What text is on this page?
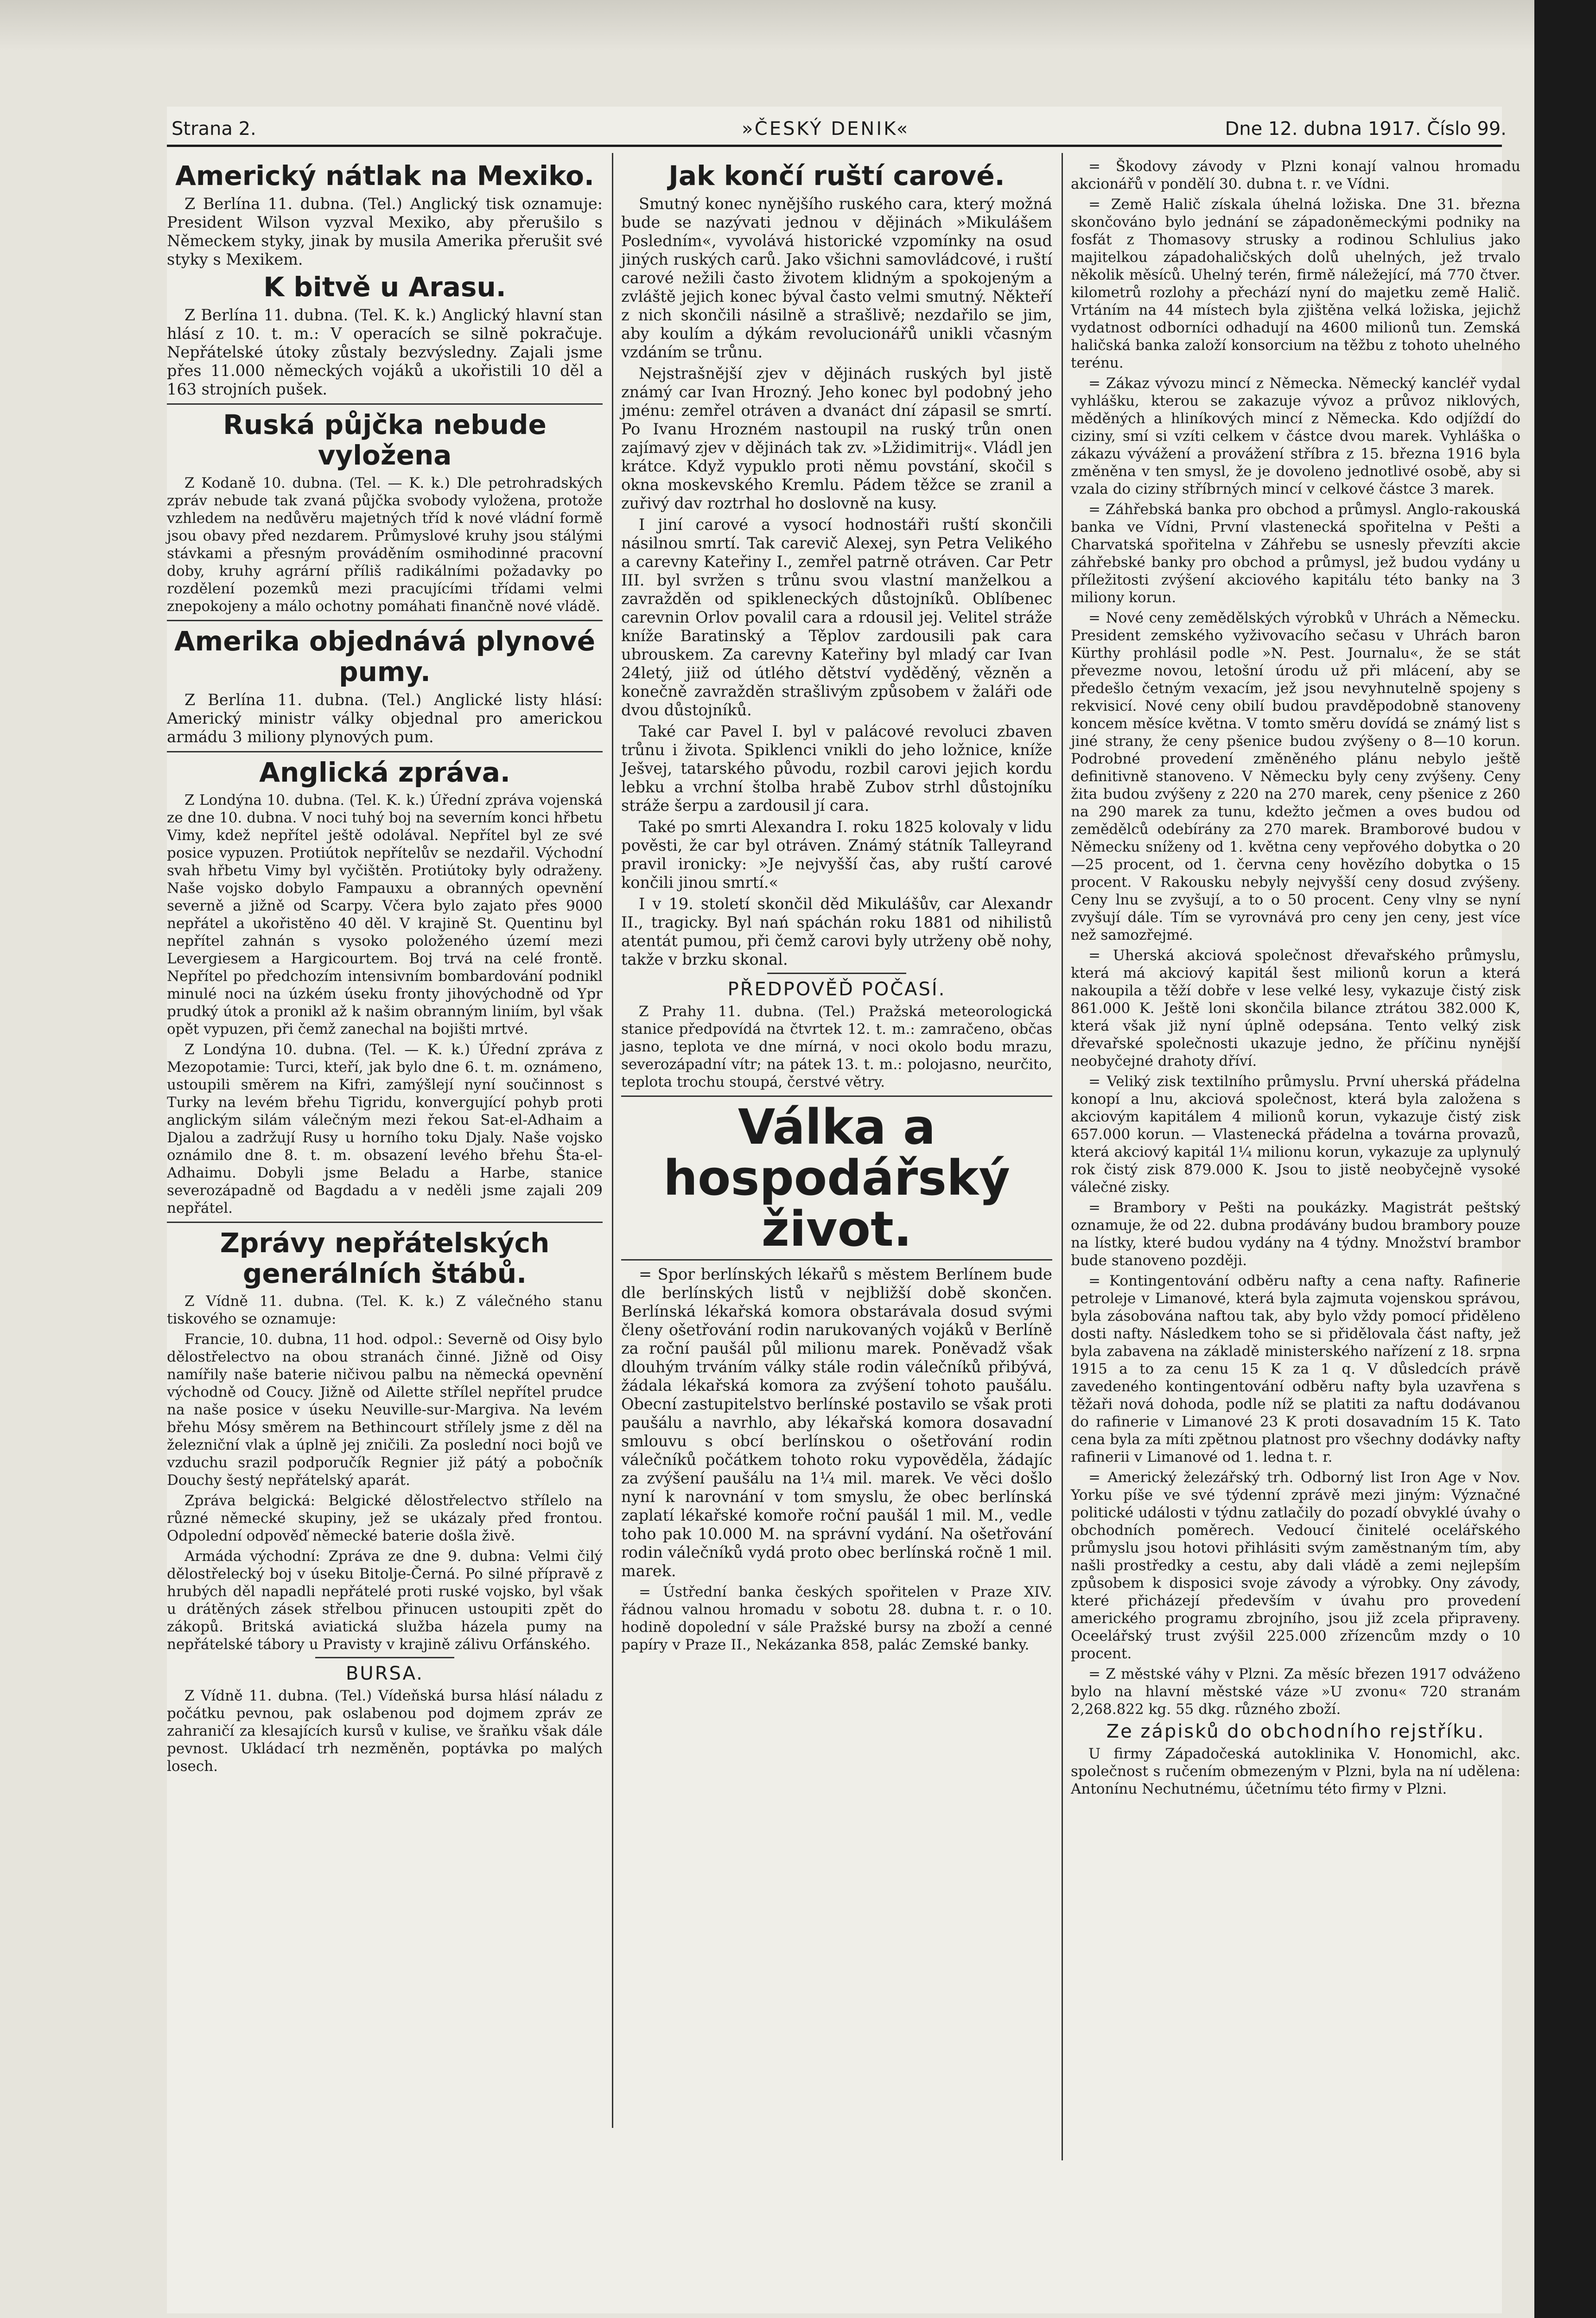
Strana 2.	»ČESKÝ DENIK«	Dne 12. dubna 1917. Číslo 99.
Americký nátlak na Mexiko.

Z Berlína 11. dubna. (Tel.) Anglický tisk oznamuje: President Wilson vyzval Mexiko, aby přerušilo s Německem styky, jinak by musila Amerika přerušit své styky s Mexikem.

K bitvě u Arasu.

Z Berlína 11. dubna. (Tel. K. k.) Anglický hlavní stan hlásí z 10. t. m.: V operacích se silně pokračuje. Nepřátelské útoky zůstaly bezvýsledny. Zajali jsme přes 11.000 německých vojáků a ukořistili 10 děl a 163 strojních pušek.

Ruská půjčka nebude vyložena

Z Kodaně 10. dubna. (Tel. — K. k.) Dle petrohradských zpráv nebude tak zvaná půjčka svobody vyložena, protože vzhledem na nedůvěru majetných tříd k nové vládní formě jsou obavy před nezdarem. Průmyslové kruhy jsou stálými stávkami a přesným prováděním osmihodinné pracovní doby, kruhy agrární příliš radikálními požadavky po rozdělení pozemků mezi pracujícími třídami velmi znepokojeny a málo ochotny pomáhati finančně nové vládě.

Amerika objednává plynové pumy.

Z Berlína 11. dubna. (Tel.) Anglické listy hlásí: Americký ministr války objednal pro americkou armádu 3 miliony plynových pum.

Anglická zpráva.

Z Londýna 10. dubna. (Tel. K. k.) Úřední zpráva vojenská ze dne 10. dubna. V noci tuhý boj na severním konci hřbetu Vimy, kdež nepřítel ještě odolával. Nepřítel byl ze své posice vypuzen. Protiútok nepřítelův se nezdařil. Východní svah hřbetu Vimy byl vyčištěn. Protiútoky byly odraženy. Naše vojsko dobylo Fampauxu a obranných opevnění severně a jižně od Scarpy. Včera bylo zajato přes 9000 nepřátel a ukořistěno 40 děl. V krajině St. Quentinu byl nepřítel zahnán s vysoko položeného území mezi Levergiesem a Hargicourtem. Boj trvá na celé frontě. Nepřítel po předchozím intensivním bombardování podnikl minulé noci na úzkém úseku fronty jihovýchodně od Ypr prudký útok a pronikl až k našim obranným liniím, byl však opět vypuzen, při čemž zanechal na bojišti mrtvé.

Z Londýna 10. dubna. (Tel. — K. k.) Úřední zpráva z Mezopotamie: Turci, kteří, jak bylo dne 6. t. m. oznámeno, ustoupili směrem na Kifri, zamýšlejí nyní součinnost s Turky na levém břehu Tigridu, konvergující pohyb proti anglickým silám válečným mezi řekou Sat-el-Adhaim a Djalou a zadržují Rusy u horního toku Djaly. Naše vojsko oznámilo dne 8. t. m. obsazení levého břehu Šta-el-Adhaimu. Dobyli jsme Beladu a Harbe, stanice severozápadně od Bagdadu a v neděli jsme zajali 209 nepřátel.

Zprávy nepřátelských generálních štábů.

Z Vídně 11. dubna. (Tel. K. k.) Z válečného stanu tiskového se oznamuje:

Francie, 10. dubna, 11 hod. odpol.: Severně od Oisy bylo dělostřelectvo na obou stranách činné. Jižně od Oisy namířily naše baterie ničivou palbu na německá opevnění východně od Coucy. Jižně od Ailette střílel nepřítel prudce na naše posice v úseku Neuville-sur-Margiva. Na levém břehu Mósy směrem na Bethincourt střílely jsme z děl na železniční vlak a úplně jej zničili. Za poslední noci bojů ve vzduchu srazil podporučík Regnier již pátý a pobočník Douchy šestý nepřátelský aparát.

Zpráva belgická: Belgické dělostřelectvo střílelo na různé německé skupiny, jež se ukázaly před frontou. Odpolední odpověď německé baterie došla živě.

Armáda východní: Zpráva ze dne 9. dubna: Velmi čilý dělostřelecký boj v úseku Bitolje-Černá. Po silné přípravě z hrubých děl napadli nepřátelé proti ruské vojsko, byl však u drátěných zásek střelbou přinucen ustoupiti zpět do zákopů. Britská aviatická služba házela pumy na nepřátelské tábory u Pravisty v krajině zálivu Orfánského.

BURSA.

Z Vídně 11. dubna. (Tel.) Vídeňská bursa hlásí náladu z počátku pevnou, pak oslabenou pod dojmem zpráv ze zahraničí za klesajících kursů v kulise, ve šraňku však dále pevnost. Ukládací trh nezměněn, poptávka po malých losech.

Jak končí ruští carové.

Smutný konec nynějšího ruského cara, který možná bude se nazývati jednou v dějinách »Mikulášem Posledním«, vyvolává historické vzpomínky na osud jiných ruských carů. Jako všichni samovládcové, i ruští carové nežili často životem klidným a spokojeným a zvláště jejich konec býval často velmi smutný. Někteří z nich skončili násilně a strašlivě; nezdařilo se jim, aby koulím a dýkám revolucionářů unikli včasným vzdáním se trůnu.

Nejstrašnější zjev v dějinách ruských byl jistě známý car Ivan Hrozný. Jeho konec byl podobný jeho jménu: zemřel otráven a dvanáct dní zápasil se smrtí. Po Ivanu Hrozném nastoupil na ruský trůn onen zajímavý zjev v dějinách tak zv. »Lžidimitrij«. Vládl jen krátce. Když vypuklo proti němu povstání, skočil s okna moskevského Kremlu. Pádem těžce se zranil a zuřivý dav roztrhal ho doslovně na kusy.

I jiní carové a vysocí hodnostáři ruští skončili násilnou smrtí. Tak carevič Alexej, syn Petra Velikého a carevny Kateřiny I., zemřel patrně otráven. Car Petr III. byl svržen s trůnu svou vlastní manželkou a zavražděn od spikleneckých důstojníků. Oblíbenec carevnin Orlov povalil cara a rdousil jej. Velitel stráže kníže Baratinský a Těplov zardousili pak cara ubrouskem. Za carevny Kateřiny byl mladý car Ivan 24letý, jiiž od útlého dětství vyděděný, vězněn a konečně zavražděn strašlivým způsobem v žaláři ode dvou důstojníků.

Také car Pavel I. byl v palácové revoluci zbaven trůnu i života. Spiklenci vnikli do jeho ložnice, kníže Ješvej, tatarského původu, rozbil carovi jejich kordu lebku a vrchní štolba hrabě Zubov strhl důstojníku stráže šerpu a zardousil jí cara.

Také po smrti Alexandra I. roku 1825 kolovaly v lidu pověsti, že car byl otráven. Známý státník Talleyrand pravil ironicky: »Je nejvyšší čas, aby ruští carové končili jinou smrtí.«

I v 19. století skončil děd Mikulášův, car Alexandr II., tragicky. Byl nań spáchán roku 1881 od nihilistů atentát pumou, při čemž carovi byly utrženy obě nohy, takže v brzku skonal.

PŘEDPOVĚĎ POČASÍ.

Z Prahy 11. dubna. (Tel.) Pražská meteorologická stanice předpovídá na čtvrtek 12. t. m.: zamračeno, občas jasno, teplota ve dne mírná, v noci okolo bodu mrazu, severozápadní vítr; na pátek 13. t. m.: polojasno, neurčito, teplota trochu stoupá, čerstvé větry.

Válka a hospodářský život.

= Spor berlínských lékařů s městem Berlínem bude dle berlínských listů v nejbližší době skončen. Berlínská lékařská komora obstarávala dosud svými členy ošetřování rodin narukovaných vojáků v Berlíně za roční paušál půl milionu marek. Poněvadž však dlouhým trváním války stále rodin válečníků přibývá, žádala lékařská komora za zvýšení tohoto paušálu. Obecní zastupitelstvo berlínské postavilo se však proti paušálu a navrhlo, aby lékařská komora dosavadní smlouvu s obcí berlínskou o ošetřování rodin válečníků počátkem tohoto roku vypověděla, žádajíc za zvýšení paušálu na 1¼ mil. marek. Ve věci došlo nyní k narovnání v tom smyslu, že obec berlínská zaplatí lékařské komoře roční paušál 1 mil. M., vedle toho pak 10.000 M. na správní vydání. Na ošetřování rodin válečníků vydá proto obec berlínská ročně 1 mil. marek.

= Ústřední banka českých spořitelen v Praze XIV. řádnou valnou hromadu v sobotu 28. dubna t. r. o 10. hodině dopolední v sále Pražské bursy na zboží a cenné papíry v Praze II., Nekázanka 858, palác Zemské banky.

= Škodovy závody v Plzni konají valnou hromadu akcionářů v pondělí 30. dubna t. r. ve Vídni.

= Země Halič získala úhelná ložiska. Dne 31. března skončováno bylo jednání se západoněmeckými podniky na fosfát z Thomasovy strusky a rodinou Schlulius jako majitelkou západohaličských dolů uhelných, jež trvalo několik měsíců. Uhelný terén, firmě náležející, má 770 čtver. kilometrů rozlohy a přechází nyní do majetku země Halič. Vrtáním na 44 místech byla zjištěna velká ložiska, jejichž vydatnost odborníci odhadují na 4600 milionů tun. Zemská haličská banka založí konsorcium na těžbu z tohoto uhelného terénu.

= Zákaz vývozu mincí z Německa. Německý kancléř vydal vyhlášku, kterou se zakazuje vývoz a průvoz niklových, měděných a hliníkových mincí z Německa. Kdo odjíždí do ciziny, smí si vzíti celkem v částce dvou marek. Vyhláška o zákazu vývážení a provážení stříbra z 15. března 1916 byla změněna v ten smysl, že je dovoleno jednotlivé osobě, aby si vzala do ciziny stříbrných mincí v celkové částce 3 marek.

= Záhřebská banka pro obchod a průmysl. Anglo-rakouská banka ve Vídni, První vlastenecká spořitelna v Pešti a Charvatská spořitelna v Záhřebu se usnesly převzíti akcie záhřebské banky pro obchod a průmysl, jež budou vydány u příležitosti zvýšení akciového kapitálu této banky na 3 miliony korun.

= Nové ceny zemědělských výrobků v Uhrách a Německu. President zemského vyživovacího sečasu v Uhrách baron Kürthy prohlásil podle »N. Pest. Journalu«, že se stát převezme novou, letošní úrodu už při mlácení, aby se předešlo četným vexacím, jež jsou nevyhnutelně spojeny s rekvisicí. Nové ceny obilí budou pravděpodobně stanoveny koncem měsíce května. V tomto směru dovídá se známý list s jiné strany, že ceny pšenice budou zvýšeny o 8—10 korun. Podrobné provedení změněného plánu nebylo ještě definitivně stanoveno. V Německu byly ceny zvýšeny. Ceny žita budou zvýšeny z 220 na 270 marek, ceny pšenice z 260 na 290 marek za tunu, kdežto ječmen a oves budou od zemědělců odebírány za 270 marek. Bramborové budou v Německu sníženy od 1. května ceny vepřového dobytka o 20—25 procent, od 1. června ceny hovězího dobytka o 15 procent. V Rakousku nebyly nejvyšší ceny dosud zvýšeny. Ceny lnu se zvyšují, a to o 50 procent. Ceny vlny se nyní zvyšují dále. Tím se vyrovnává pro ceny jen ceny, jest více než samozřejmé.

= Uherská akciová společnost dřevařského průmyslu, která má akciový kapitál šest milionů korun a která nakoupila a těží dobře v lese velké lesy, vykazuje čistý zisk 861.000 K. Ještě loni skončila bilance ztrátou 382.000 K, která však již nyní úplně odepsána. Tento velký zisk dřevařské společnosti ukazuje jedno, že příčinu nynější neobyčejné drahoty dříví.

= Veliký zisk textilního průmyslu. První uherská přádelna konopí a lnu, akciová společnost, která byla založena s akciovým kapitálem 4 milionů korun, vykazuje čistý zisk 657.000 korun. — Vlastenecká přádelna a továrna provazů, která akciový kapitál 1¼ milionu korun, vykazuje za uplynulý rok čistý zisk 879.000 K. Jsou to jistě neobyčejně vysoké válečné zisky.

= Brambory v Pešti na poukázky. Magistrát peštský oznamuje, že od 22. dubna prodávány budou brambory pouze na lístky, které budou vydány na 4 týdny. Množství brambor bude stanoveno později.

= Kontingentování odběru nafty a cena nafty. Rafinerie petroleje v Limanové, která byla zajmuta vojenskou správou, byla zásobována naftou tak, aby bylo vždy pomocí přiděleno dosti nafty. Následkem toho se si přidělovala část nafty, jež byla zabavena na základě ministerského nařízení z 18. srpna 1915 a to za cenu 15 K za 1 q. V důsledcích právě zavedeného kontingentování odběru nafty byla uzavřena s těžaři nová dohoda, podle níž se platiti za naftu dodávanou do rafinerie v Limanové 23 K proti dosavadním 15 K. Tato cena byla za míti zpětnou platnost pro všechny dodávky nafty rafinerii v Limanové od 1. ledna t. r.

= Americký železářský trh. Odborný list Iron Age v Nov. Yorku píše ve své týdenní zprávě mezi jiným: Význačné politické události v týdnu zatlačily do pozadí obvyklé úvahy o obchodních poměrech. Vedoucí činitelé ocelářského průmyslu jsou hotovi přihlásiti svým zaměstnaným tím, aby našli prostředky a cestu, aby dali vládě a zemi nejlepším způsobem k disposici svoje závody a výrobky. Ony závody, které přicházejí především v úvahu pro provedení amerického programu zbrojního, jsou již zcela připraveny. Oceelářský trust zvýšil 225.000 zřízencům mzdy o 10 procent.

= Z městské váhy v Plzni. Za měsíc březen 1917 odváženo bylo na hlavní městské váze »U zvonu« 720 stranám 2,268.822 kg. 55 dkg. různého zboží.

Ze zápisků do obchodního rejstříku.

U firmy Západočeská autoklinika V. Honomichl, akc. společnost s ručením obmezeným v Plzni, byla na ní udělena: Antonínu Nechutnému, účetnímu této firmy v Plzni.
